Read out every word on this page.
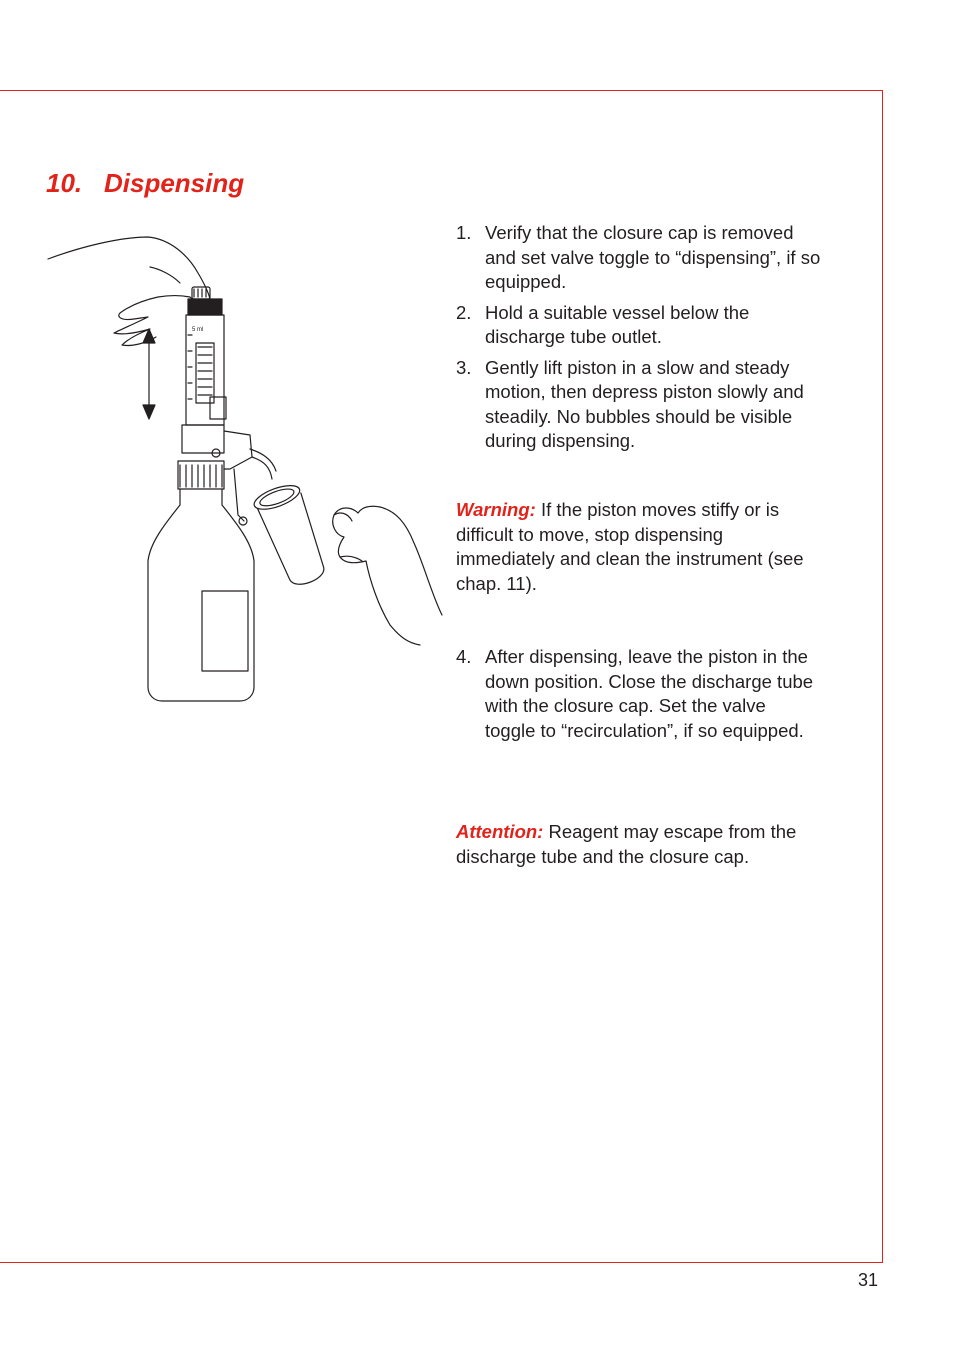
10. Dispensing
5 ml
1. Verify that the closure cap is removed and set valve toggle to “dispensing”, if so equipped.
2. Hold a suitable vessel below the discharge tube outlet.
3. Gently lift piston in a slow and steady motion, then depress piston slowly and steadily. No bubbles should be visible during dispensing.

Warning: If the piston moves stiffy or is difficult to move, stop dispensing immediately and clean the instrument (see chap. 11).

4. After dispensing, leave the piston in the down position. Close the discharge tube with the closure cap. Set the valve toggle to “recirculation”, if so equipped.

Attention: Reagent may escape from the discharge tube and the closure cap.

31
